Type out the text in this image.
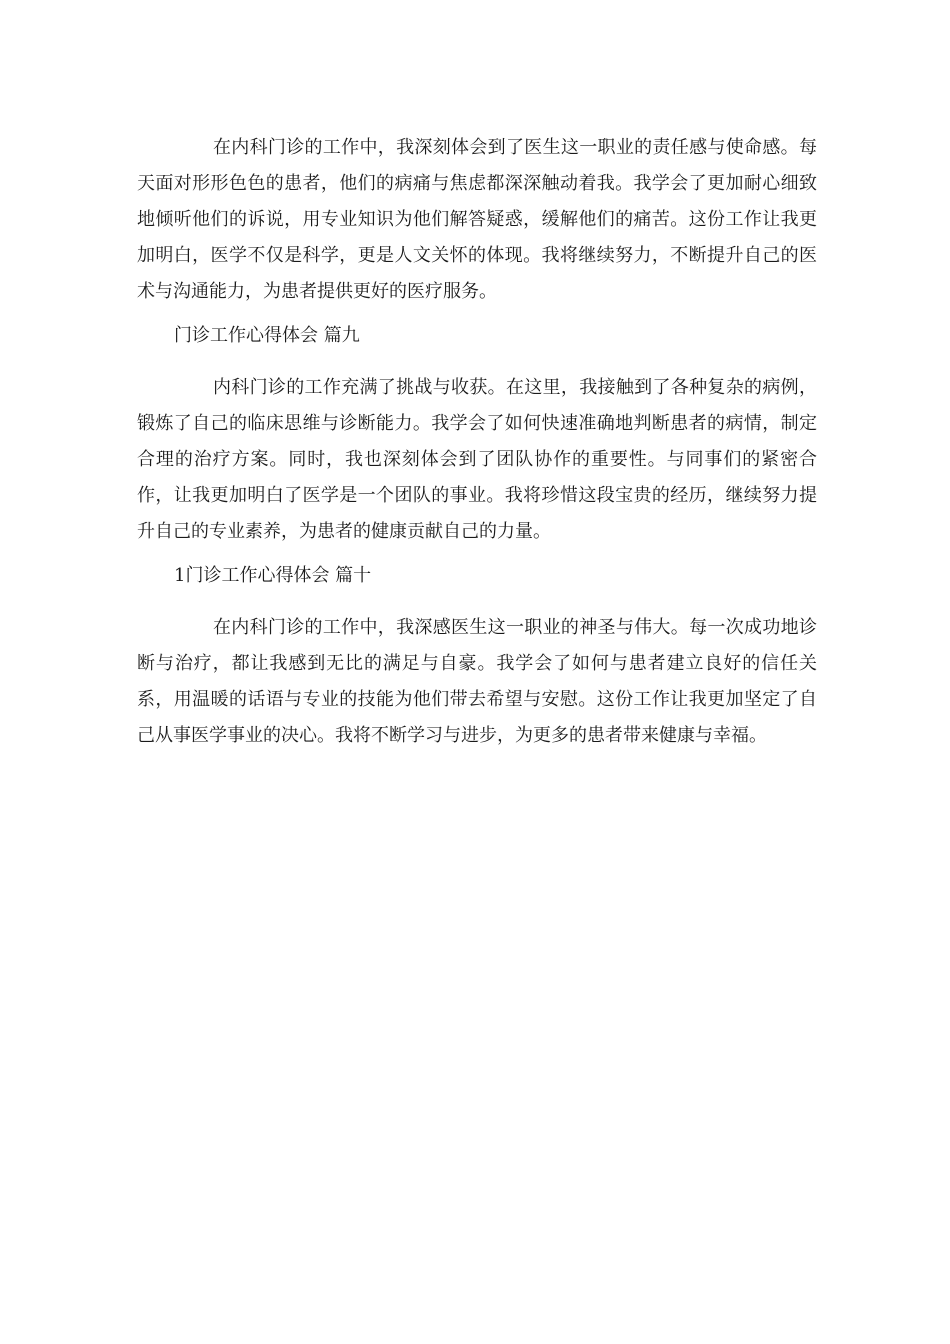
在内科门诊的工作中，我深刻体会到了医生这一职业的责任感与使命感。每天面对形形色色的患者，他们的病痛与焦虑都深深触动着我。我学会了更加耐心细致地倾听他们的诉说，用专业知识为他们解答疑惑，缓解他们的痛苦。这份工作让我更加明白，医学不仅是科学，更是人文关怀的体现。我将继续努力，不断提升自己的医术与沟通能力，为患者提供更好的医疗服务。

门诊工作心得体会 篇九

内科门诊的工作充满了挑战与收获。在这里，我接触到了各种复杂的病例，锻炼了自己的临床思维与诊断能力。我学会了如何快速准确地判断患者的病情，制定合理的治疗方案。同时，我也深刻体会到了团队协作的重要性。与同事们的紧密合作，让我更加明白了医学是一个团队的事业。我将珍惜这段宝贵的经历，继续努力提升自己的专业素养，为患者的健康贡献自己的力量。

1门诊工作心得体会 篇十

在内科门诊的工作中，我深感医生这一职业的神圣与伟大。每一次成功地诊断与治疗，都让我感到无比的满足与自豪。我学会了如何与患者建立良好的信任关系，用温暖的话语与专业的技能为他们带去希望与安慰。这份工作让我更加坚定了自己从事医学事业的决心。我将不断学习与进步，为更多的患者带来健康与幸福。
